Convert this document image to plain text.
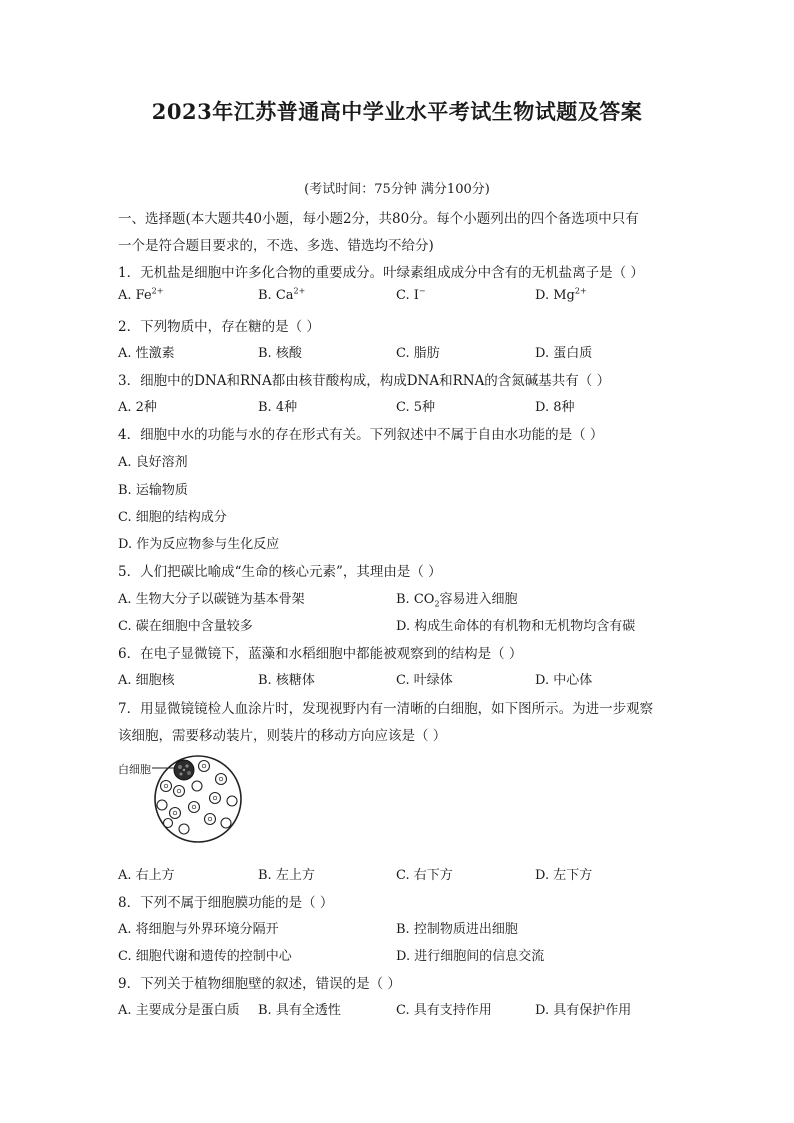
2023年江苏普通高中学业水平考试生物试题及答案
(考试时间：75分钟 满分100分)
一、选择题(本大题共40小题，每小题2分，共80分。每个小题列出的四个备选项中只有
一个是符合题目要求的，不选、多选、错选均不给分)
1．无机盐是细胞中许多化合物的重要成分。叶绿素组成成分中含有的无机盐离子是（ ）
A. $Fe^{2+}$	B. $Ca^{2+}$	C. I−	D. $Mg^{2+}$
2．下列物质中，存在糖的是（ ）
A. 性激素	B. 核酸	C. 脂肪	D. 蛋白质
3．细胞中的DNA和RNA都由核苷酸构成，构成DNA和RNA的含氮碱基共有（ ）
A. 2种	B. 4种	C. 5种	D. 8种
4．细胞中水的功能与水的存在形式有关。下列叙述中不属于自由水功能的是（ ）
A. 良好溶剂
B. 运输物质
C. 细胞的结构成分
D. 作为反应物参与生化反应
5．人们把碳比喻成“生命的核心元素”，其理由是（ ）
A. 生物大分子以碳链为基本骨架	B. $CO_2$容易进入细胞
C. 碳在细胞中含量较多	D. 构成生命体的有机物和无机物均含有碳
6．在电子显微镜下，蓝藻和水稻细胞中都能被观察到的结构是（ ）
A. 细胞核	B. 核糖体	C. 叶绿体	D. 中心体
7．用显微镜镜检人血涂片时，发现视野内有一清晰的白细胞，如下图所示。为进一步观察
该细胞，需要移动装片，则装片的移动方向应该是（ ）
白细胞
A. 右上方	B. 左上方	C. 右下方	D. 左下方
8．下列不属于细胞膜功能的是（ ）
A. 将细胞与外界环境分隔开	B. 控制物质进出细胞
C. 细胞代谢和遗传的控制中心	D. 进行细胞间的信息交流
9．下列关于植物细胞壁的叙述，错误的是（ ）
A. 主要成分是蛋白质 B. 具有全透性	C. 具有支持作用	D. 具有保护作用
